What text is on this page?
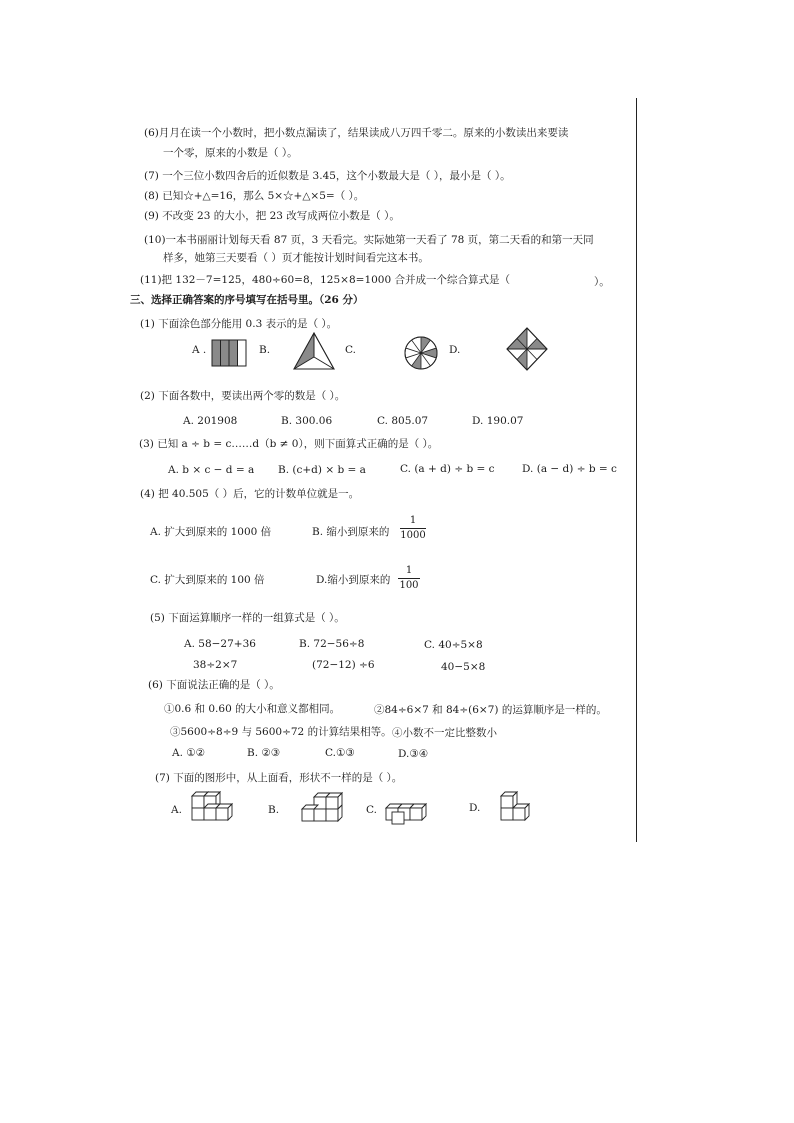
(6)月月在读一个小数时，把小数点漏读了，结果读成八万四千零二。原来的小数读出来要读
一个零，原来的小数是（ ）。
(7) 一个三位小数四舍后的近似数是 3.45，这个小数最大是（ ），最小是（ ）。
(8) 已知☆+△=16，那么 5×☆+△×5=（ ）。
(9) 不改变 23 的大小，把 23 改写成两位小数是（ ）。
(10)一本书丽丽计划每天看 87 页，3 天看完。实际她第一天看了 78 页，第二天看的和第一天同
样多，她第三天要看（ ）页才能按计划时间看完这本书。
(11)把 132－7=125，480÷60=8，125×8=1000 合并成一个综合算式是（	）。
三、选择正确答案的序号填写在括号里。（26 分）
(1) 下面涂色部分能用 0.3 表示的是（ ）。
A .	B.	C.	D.
(2) 下面各数中，要读出两个零的数是（ ）。
A. 201908	B. 300.06	C. 805.07	D. 190.07
(3) 已知 a ÷ b = c……d（b ≠ 0），则下面算式正确的是（ ）。
A. b × c − d = a B. (c+d) × b = a	C. (a + d) ÷ b = c	D. (a − d) ÷ b = c
(4) 把 40.505（ ）后，它的计数单位就是一。
A. 扩大到原来的 1000 倍	B. 缩小到原来的
1
1000
C. 扩大到原来的 100 倍	D.缩小到原来的
1
100
(5) 下面运算顺序一样的一组算式是（ ）。
A. 58−27+36
38÷2×7
B. 72−56÷8
(72−12) ÷6
C. 40÷5×8
40−5×8
(6) 下面说法正确的是（ ）。
①0.6 和 0.60 的大小和意义都相同。	②84÷6×7 和 84÷(6×7) 的运算顺序是一样的。
③5600÷8÷9 与 5600÷72 的计算结果相等。 ④小数不一定比整数小
A. ①②	B. ②③	C.①③	D.③④
(7) 下面的图形中，从上面看，形状不一样的是（ ）。
A.	B.	C.	D.
